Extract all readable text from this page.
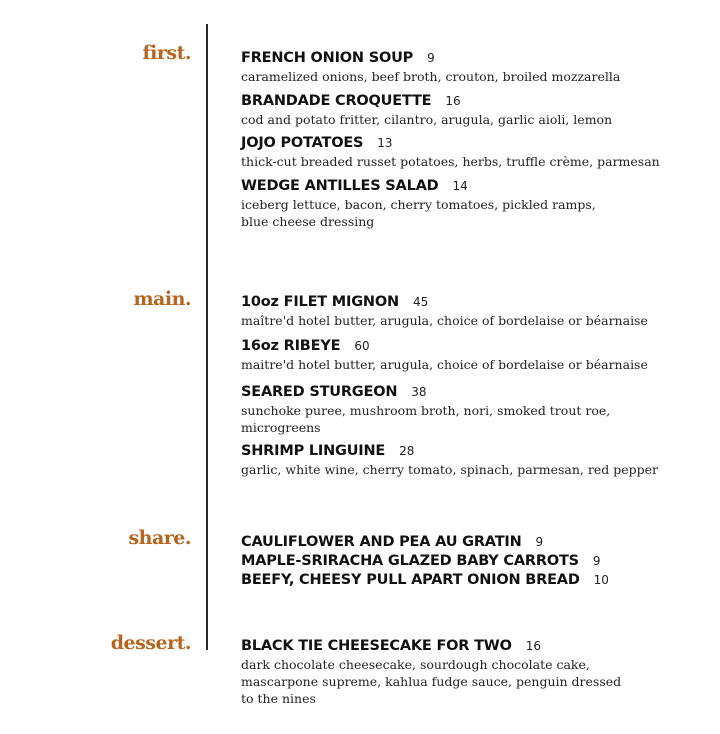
first.	FRENCH ONION SOUP 9
caramelized onions, beef broth, crouton, broiled mozzarella
BRANDADE CROQUETTE 16
cod and potato fritter, cilantro, arugula, garlic aioli, lemon
JOJO POTATOES 13
thick-cut breaded russet potatoes, herbs, truffle crème, parmesan
WEDGE ANTILLES SALAD 14
iceberg lettuce, bacon, cherry tomatoes, pickled ramps,
blue cheese dressing
main.	10oz FILET MIGNON 45
maître'd hotel butter, arugula, choice of bordelaise or béarnaise
16oz RIBEYE 60
maitre'd hotel butter, arugula, choice of bordelaise or béarnaise
SEARED STURGEON 38
sunchoke puree, mushroom broth, nori, smoked trout roe,
microgreens
SHRIMP LINGUINE 28
garlic, white wine, cherry tomato, spinach, parmesan, red pepper
share.	CAULIFLOWER AND PEA AU GRATIN 9
MAPLE-SRIRACHA GLAZED BABY CARROTS 9
BEEFY, CHEESY PULL APART ONION BREAD 10
dessert.	BLACK TIE CHEESECAKE FOR TWO 16
dark chocolate cheesecake, sourdough chocolate cake,
mascarpone supreme, kahlua fudge sauce, penguin dressed
to the nines
